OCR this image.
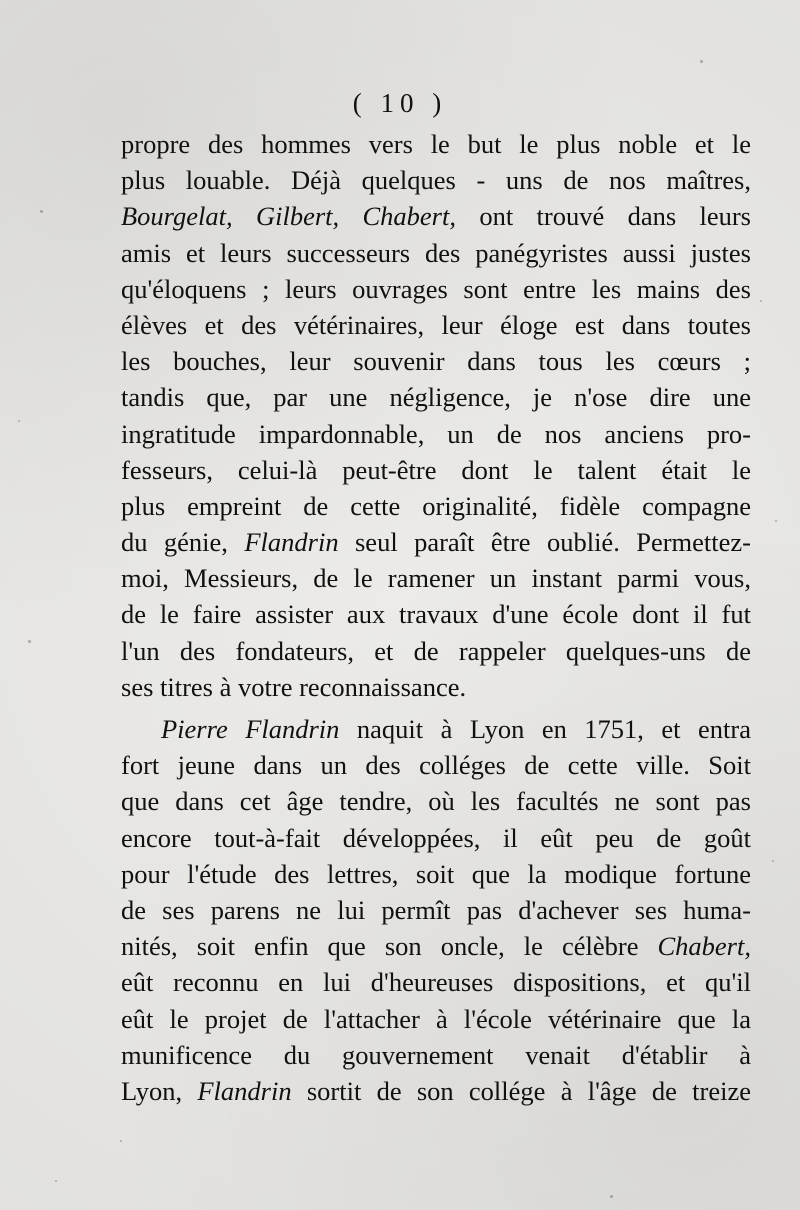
( 10 )
propre des hommes vers le but le plus noble et le
plus louable. Déjà quelques - uns de nos maîtres,
Bourgelat, Gilbert, Chabert, ont trouvé dans leurs
amis et leurs successeurs des panégyristes aussi justes
qu'éloquens ; leurs ouvrages sont entre les mains des
élèves et des vétérinaires, leur éloge est dans toutes
les bouches, leur souvenir dans tous les cœurs ;
tandis que, par une négligence, je n'ose dire une
ingratitude impardonnable, un de nos anciens pro-
fesseurs, celui-là peut-être dont le talent était le
plus empreint de cette originalité, fidèle compagne
du génie, Flandrin seul paraît être oublié. Permettez-
moi, Messieurs, de le ramener un instant parmi vous,
de le faire assister aux travaux d'une école dont il fut
l'un des fondateurs, et de rappeler quelques-uns de
ses titres à votre reconnaissance.
Pierre Flandrin naquit à Lyon en 1751, et entra
fort jeune dans un des colléges de cette ville. Soit
que dans cet âge tendre, où les facultés ne sont pas
encore tout-à-fait développées, il eût peu de goût
pour l'étude des lettres, soit que la modique fortune
de ses parens ne lui permît pas d'achever ses huma-
nités, soit enfin que son oncle, le célèbre Chabert,
eût reconnu en lui d'heureuses dispositions, et qu'il
eût le projet de l'attacher à l'école vétérinaire que la
munificence du gouvernement venait d'établir à
Lyon, Flandrin sortit de son collége à l'âge de treize
